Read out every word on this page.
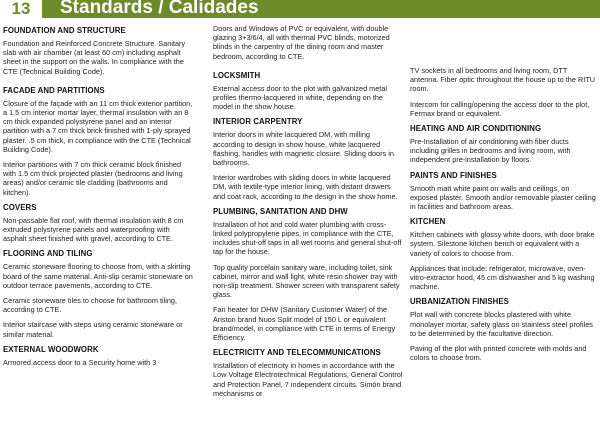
13	Standards / Calidades
FOUNDATION AND STRUCTURE

Foundation and Reinforced Concrete Structure. Sanitary slab with air chamber (at least 60 cm) including asphalt sheet in the support on the walls. In compliance with the CTE (Technical Building Code).

FACADE AND PARTITIONS

Closure of the façade with an 11 cm thick exterior partition, a 1.5 cm interior mortar layer, thermal insulation with an 8 cm thick expanded polystyrene panel and an interior partition with a 7 cm thick brick finished with 1-ply sprayed plaster. .5 cm thick, in compliance with the CTE (Technical Building Code).

Interior partitions with 7 cm thick ceramic block finished with 1.5 cm thick projected plaster (bedrooms and living areas) and/or ceramic tile cladding (bathrooms and kitchen).

COVERS

Non-passable flat roof, with thermal insulation with 8 cm extruded polystyrene panels and waterproofing with asphalt sheet finished with gravel, according to CTE.

FLOORING AND TILING

Ceramic stoneware flooring to choose from, with a skirting board of the same material. Anti-slip ceramic stoneware on outdoor terrace pavements, according to CTE.

Ceramic stoneware tiles to choose for bathroom tiling, according to CTE.

Interior staircase with steps using ceramic stoneware or similar material.

EXTERNAL WOODWORK

Armored access door to a Security home with 3

Doors and Windows of PVC or equivalent, with double glazing 3+3/6/4, all with thermal PVC blinds, motorized blinds in the carpentry of the dining room and master bedroom, according to CTE.

LOCKSMITH

External access door to the plot with galvanized metal profiles thermo-lacquered in white, depending on the model in the show house.

INTERIOR CARPENTRY

Interior doors in white lacquered DM, with milling according to design in show house, white lacquered flashing, handles with magnetic closure. Sliding doors in bathrooms.

Interior wardrobes with sliding doors in white lacquered DM, with textile-type interior lining, with distant drawers and coat rack, according to the design in the show home.

PLUMBING, SANITATION AND DHW

Installation of hot and cold water plumbing with cross-linked polypropylene pipes, in compliance with the CTE, includes shut-off taps in all wet rooms and general shut-off tap for the house.

Top quality porcelain sanitary ware, including toilet, sink cabinet, mirror and wall light, white resin shower tray with non-slip treatment. Shower screen with transparent safety glass.

Fan heater for DHW (Sanitary Customer Water) of the Ariston brand Nuos Split model of 150 L or equivalent brand/model, in compliance with CTE in terms of Energy Efficiency.

ELECTRICITY AND TELECOMMUNICATIONS

Installation of electricity in homes in accordance with the Low Voltage Electrotechnical Regulations, General Control and Protection Panel, 7 independent circuits. Simón brand mechanisms or

TV sockets in all bedrooms and living room, DTT antenna. Fiber optic throughout the house up to the RITU room.

Intercom for calling/opening the access door to the plot, Fermax brand or equivalent.

HEATING AND AIR CONDITIONING

Pre-Installation of air conditioning with fiber ducts including grilles in bedrooms and living room, with independent pre-installation by floors.

PAINTS AND FINISHES

Smooth matt white paint on walls and ceilings, on exposed plaster. Smooth and/or removable plaster ceiling in facilities and bathroom areas.

KITCHEN

Kitchen cabinets with glossy white doors, with door brake system. Silestone kitchen bench or equivalent with a variety of colors to choose from.

Appliances that include: refrigerator, microwave, oven-vitro-extractor hood, 45 cm dishwasher and 5 kg washing machine.

URBANIZATION FINISHES

Plot wall with concrete blocks plastered with white monolayer mortar, safety glass on stainless steel profiles to be determined by the facultative direction.

Paving of the plot with printed concrete with molds and colors to choose from.
